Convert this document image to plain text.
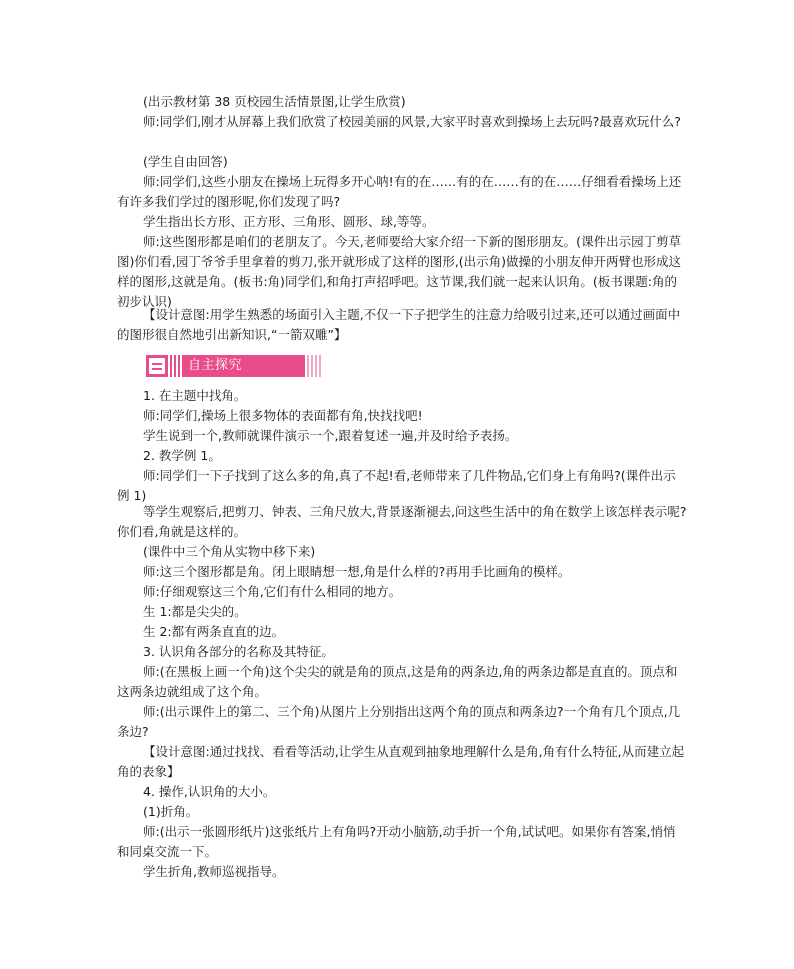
(出示教材第 38 页校园生活情景图,让学生欣赏)
师:同学们,刚才从屏幕上我们欣赏了校园美丽的风景,大家平时喜欢到操场上去玩吗?最喜欢玩什么?
(学生自由回答)
师:同学们,这些小朋友在操场上玩得多开心呐!有的在……有的在……有的在……仔细看看操场上还有许多我们学过的图形呢,你们发现了吗?
学生指出长方形、正方形、三角形、圆形、球,等等。
师:这些图形都是咱们的老朋友了。今天,老师要给大家介绍一下新的图形朋友。(课件出示园丁剪草图)你们看,园丁爷爷手里拿着的剪刀,张开就形成了这样的图形,(出示角)做操的小朋友伸开两臂也形成这样的图形,这就是角。(板书:角)同学们,和角打声招呼吧。这节课,我们就一起来认识角。(板书课题:角的初步认识)
【设计意图:用学生熟悉的场面引入主题,不仅一下子把学生的注意力给吸引过来,还可以通过画面中的图形很自然地引出新知识,“一箭双雕”】
自主探究
1. 在主题中找角。
师:同学们,操场上很多物体的表面都有角,快找找吧!
学生说到一个,教师就课件演示一个,跟着复述一遍,并及时给予表扬。
2. 教学例 1。
师:同学们一下子找到了这么多的角,真了不起!看,老师带来了几件物品,它们身上有角吗?(课件出示例 1)
等学生观察后,把剪刀、钟表、三角尺放大,背景逐渐褪去,问这些生活中的角在数学上该怎样表示呢?你们看,角就是这样的。
(课件中三个角从实物中移下来)
师:这三个图形都是角。闭上眼睛想一想,角是什么样的?再用手比画角的模样。
师:仔细观察这三个角,它们有什么相同的地方。
生 1:都是尖尖的。
生 2:都有两条直直的边。
3. 认识角各部分的名称及其特征。
师:(在黑板上画一个角)这个尖尖的就是角的顶点,这是角的两条边,角的两条边都是直直的。顶点和这两条边就组成了这个角。
师:(出示课件上的第二、三个角)从图片上分别指出这两个角的顶点和两条边?一个角有几个顶点,几条边?
【设计意图:通过找找、看看等活动,让学生从直观到抽象地理解什么是角,角有什么特征,从而建立起角的表象】
4. 操作,认识角的大小。
(1)折角。
师:(出示一张圆形纸片)这张纸片上有角吗?开动小脑筋,动手折一个角,试试吧。如果你有答案,悄悄和同桌交流一下。
学生折角,教师巡视指导。
